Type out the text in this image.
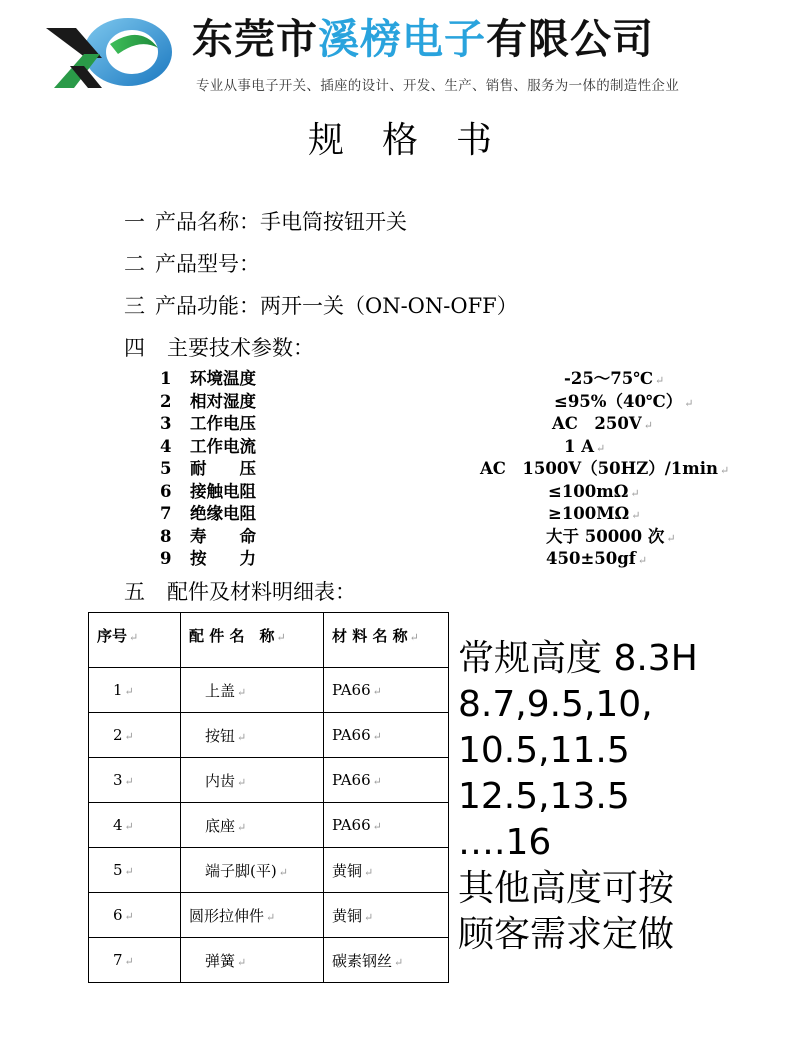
东莞市溪榜电子有限公司
专业从事电子开关、插座的设计、开发、生产、销售、服务为一体的制造性企业
规格书
一 产品名称：手电筒按钮开关
二 产品型号：
三 产品功能：两开一关（ON-ON-OFF）
四 主要技术参数：
1 环境温度	-25～75℃ ↵
2 相对湿度	≤95%（40℃） ↵
3 工作电压	AC　250V ↵
4 工作电流	1 A ↵
5 耐　　压	AC　1500V（50HZ）/1min ↵
6 接触电阻	≤100mΩ ↵
7 绝缘电阻	≥100MΩ ↵
8 寿　　命	大于 50000 次 ↵
9 按　　力	450±50gf ↵
五 配件及材料明细表：
序号 ↵	配 件 名　称 ↵	材 料 名 称 ↵
1 ↵	上盖 ↵	PA66 ↵
2 ↵	按钮 ↵	PA66 ↵
3 ↵	内齿 ↵	PA66 ↵
4 ↵	底座 ↵	PA66 ↵
5 ↵	端子脚(平) ↵	黄铜 ↵
6 ↵	圆形拉伸件 ↵	黄铜 ↵
7 ↵	弹簧 ↵	碳素钢丝 ↵
常规高度 8.3H
8.7,9.5,10,
10.5,11.5
12.5,13.5
….16
其他高度可按
顾客需求定做
